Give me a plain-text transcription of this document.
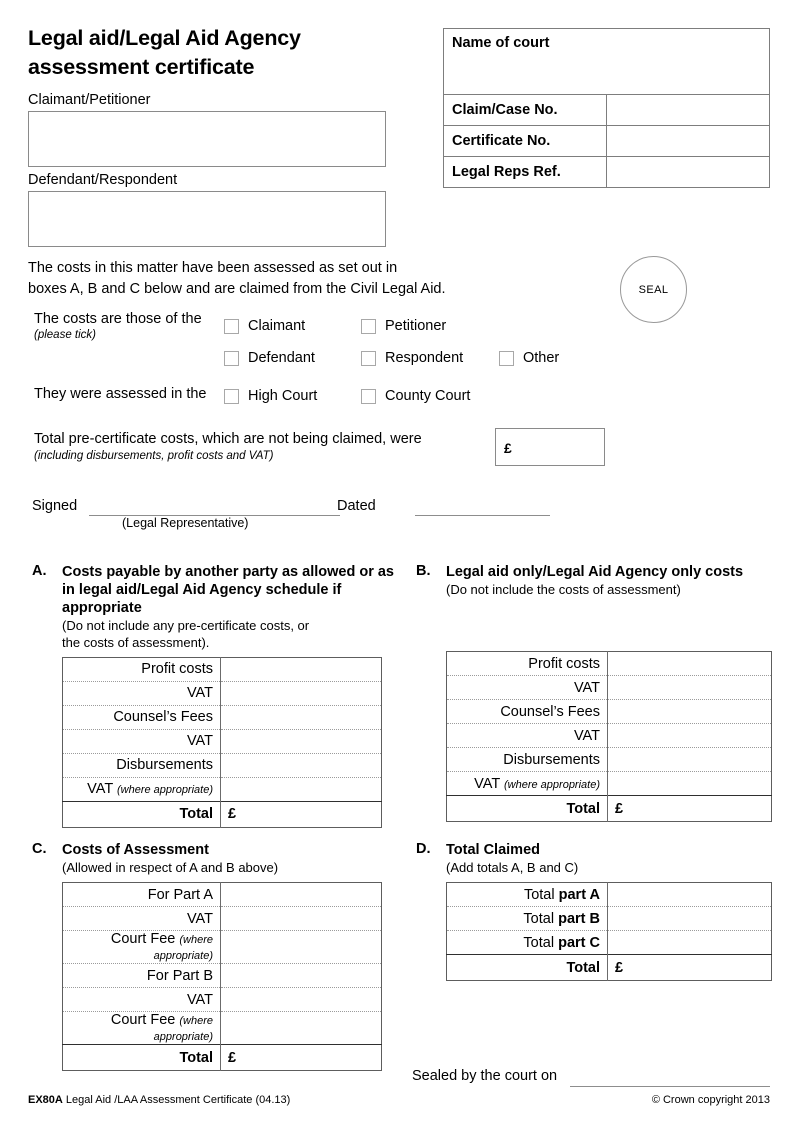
Legal aid/Legal Aid Agency
assessment certificate
Claimant/Petitioner
Defendant/Respondent
Name of court	
Claim/Case No.	
Certificate No.	
Legal Reps Ref.	
The costs in this matter have been assessed as set out in
boxes A, B and C below and are claimed from the Civil Legal Aid.	SEAL
The costs are those of the
(please tick)
Claimant	Petitioner
Defendant	Respondent	Other
They were assessed in the	High Court	County Court
Total pre-certificate costs, which are not being claimed, were
(including disbursements, profit costs and VAT)	£
Signed
(Legal Representative)
Dated
A. Costs payable by another party as allowed or as in legal aid/Legal Aid Agency schedule if appropriate
(Do not include any pre-certificate costs, or
the costs of assessment).
Profit costs	
VAT	
Counsel’s Fees	
VAT	
Disbursements	
VAT (where appropriate)	
Total	£
B. Legal aid only/Legal Aid Agency only costs
(Do not include the costs of assessment)
Profit costs	
VAT	
Counsel’s Fees	
VAT	
Disbursements	
VAT (where appropriate)	
Total	£
C. Costs of Assessment
(Allowed in respect of A and B above)
For Part A	
VAT	
Court Fee (where appropriate)	
For Part B	
VAT	
Court Fee (where appropriate)	
Total	£
D. Total Claimed
(Add totals A, B and C)
Total part A	
Total part B	
Total part C	
Total	£
Sealed by the court on
EX80A Legal Aid /LAA Assessment Certificate (04.13)	© Crown copyright 2013
